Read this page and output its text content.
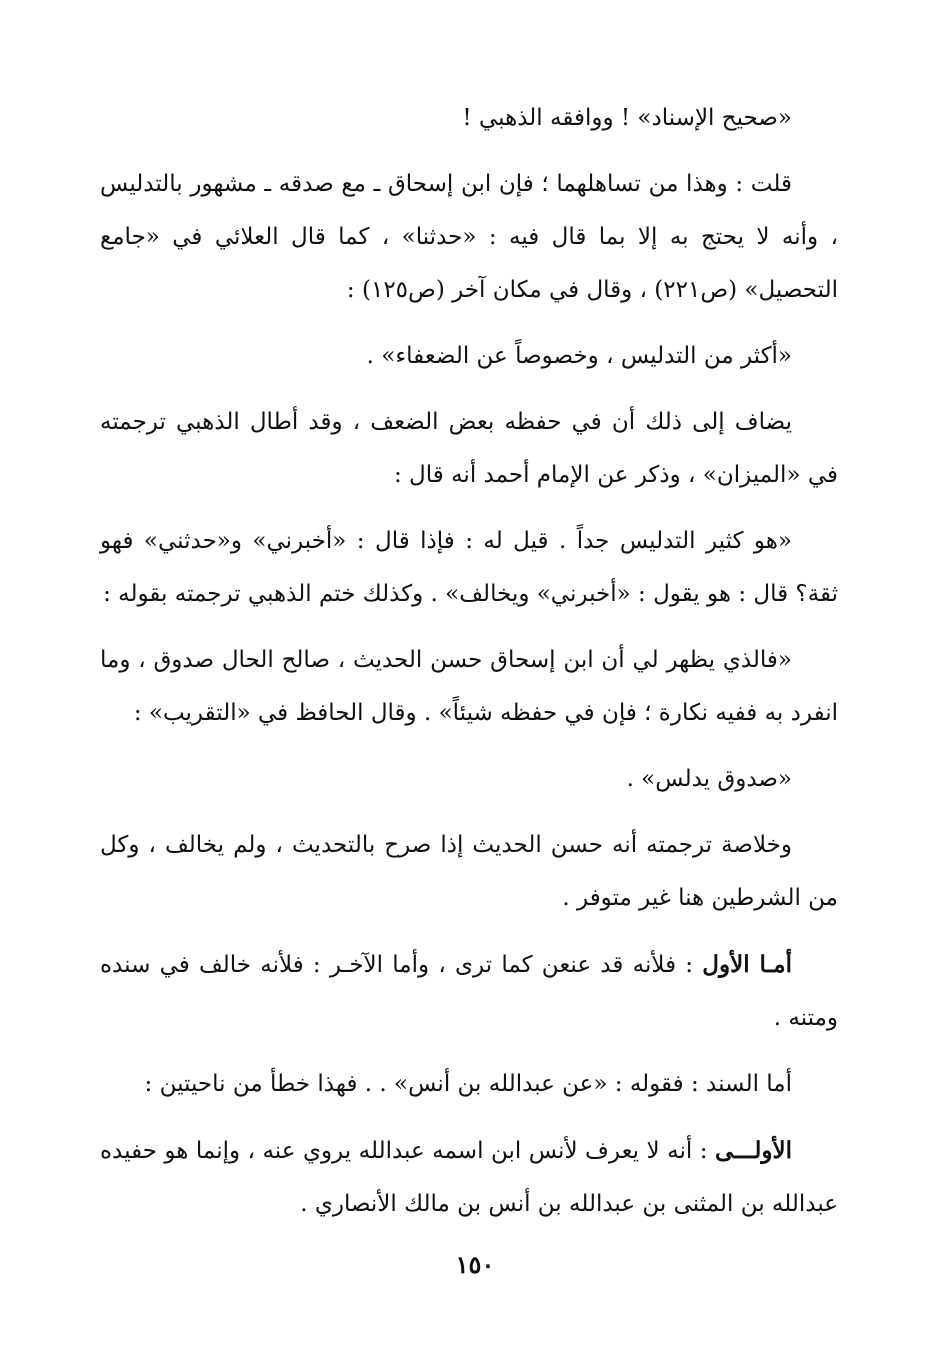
«صحيح الإسناد» ! ووافقه الذهبي !

قلت : وهذا من تساهلهما ؛ فإن ابن إسحاق ـ مع صدقه ـ مشهور بالتدليس ، وأنه لا يحتج به إلا بما قال فيه : «حدثنا» ، كما قال العلائي في «جامع التحصيل» (ص٢٢١) ، وقال في مكان آخر (ص١٢٥) :

«أكثر من التدليس ، وخصوصاً عن الضعفاء» .

يضاف إلى ذلك أن في حفظه بعض الضعف ، وقد أطال الذهبي ترجمته في «الميزان» ، وذكر عن الإمام أحمد أنه قال :

«هو كثير التدليس جداً . قيل له : فإذا قال : «أخبرني» و«حدثني» فهو ثقة؟ قال : هو يقول : «أخبرني» ويخالف» . وكذلك ختم الذهبي ترجمته بقوله :

«فالذي يظهر لي أن ابن إسحاق حسن الحديث ، صالح الحال صدوق ، وما انفرد به ففيه نكارة ؛ فإن في حفظه شيئاً» . وقال الحافظ في «التقريب» :

«صدوق يدلس» .

وخلاصة ترجمته أنه حسن الحديث إذا صرح بالتحديث ، ولم يخالف ، وكل من الشرطين هنا غير متوفر .

أمـا الأول : فلأنه قد عنعن كما ترى ، وأما الآخـر : فلأنه خالف في سنده ومتنه .

أما السند : فقوله : «عن عبدالله بن أنس» . . فهذا خطأ من ناحيتين :

الأولـــى : أنه لا يعرف لأنس ابن اسمه عبدالله يروي عنه ، وإنما هو حفيده عبدالله بن المثنى بن عبدالله بن أنس بن مالك الأنصاري .

١٥٠
